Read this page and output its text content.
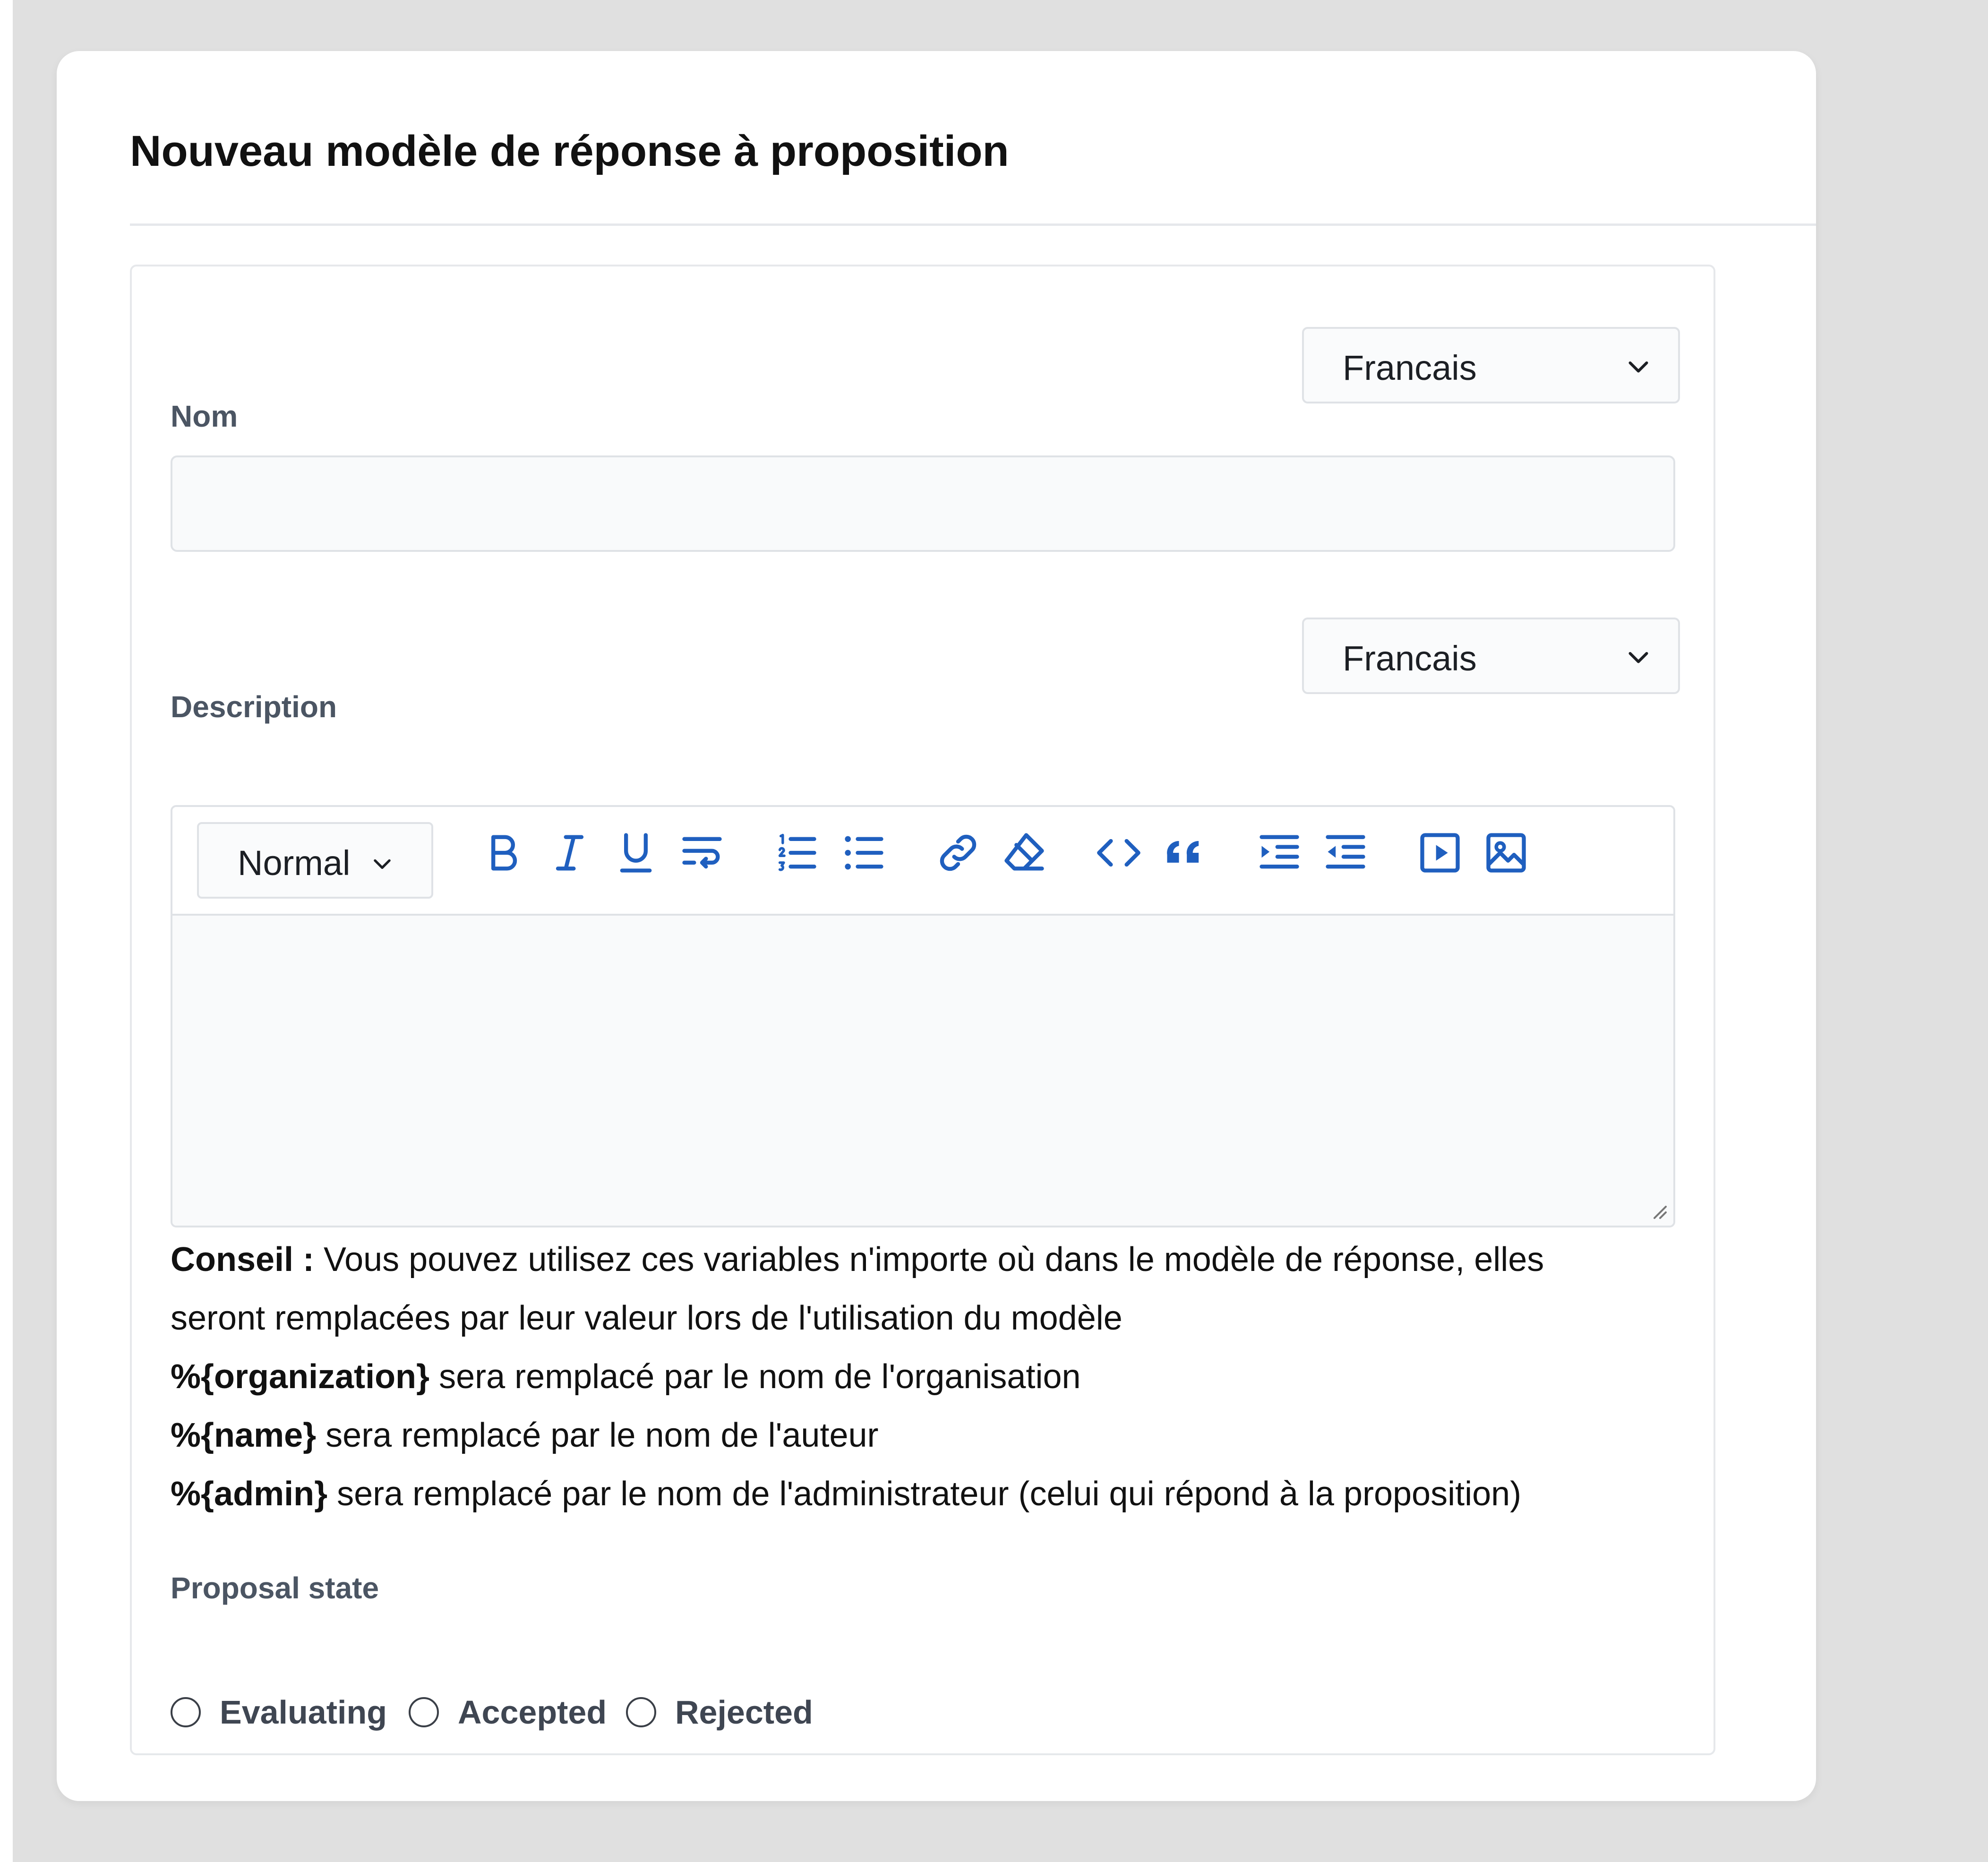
Nouveau modèle de réponse à proposition
Francais
Nom
Francais
Description
Normal
Conseil : Vous pouvez utilisez ces variables n'importe où dans le modèle de réponse, elles
seront remplacées par leur valeur lors de l'utilisation du modèle
%{organization} sera remplacé par le nom de l'organisation
%{name} sera remplacé par le nom de l'auteur
%{admin} sera remplacé par le nom de l'administrateur (celui qui répond à la proposition)
Proposal state
Evaluating Accepted Rejected
